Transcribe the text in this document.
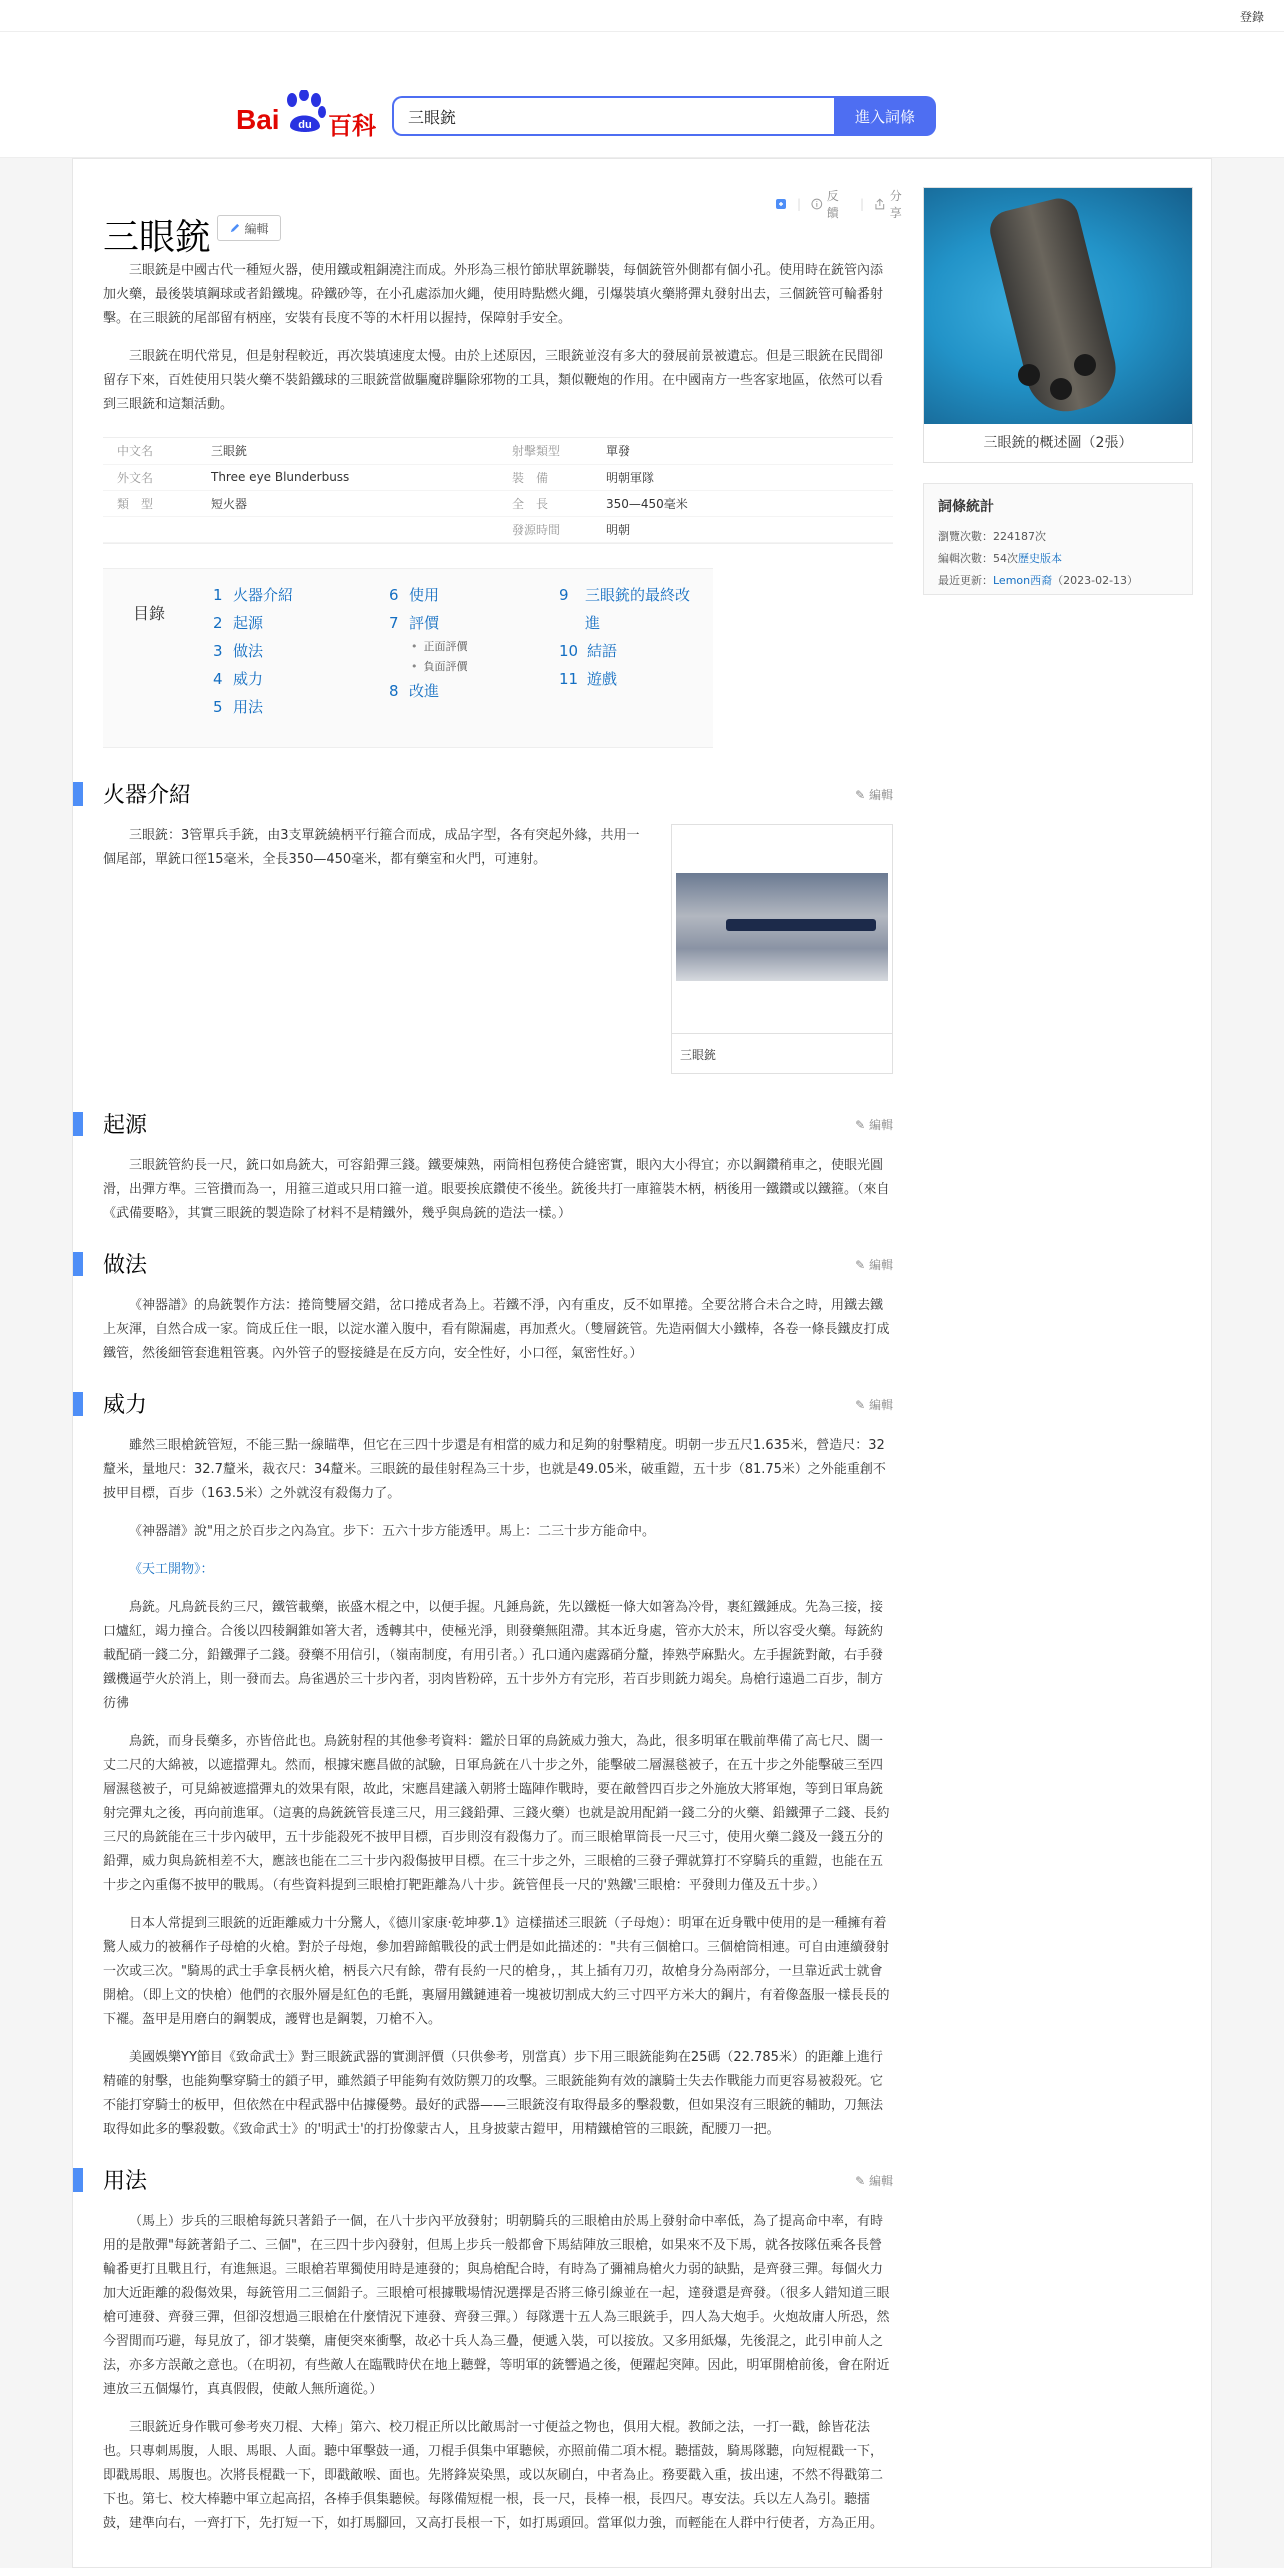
登錄
Bai du 百科
三眼銃	進入詞條
|
反饋
|
分享
三眼銃	編輯

三眼銃是中國古代一種短火器，使用鐵或粗銅澆注而成。外形為三根竹節狀單銃聯裝，每個銃管外側都有個小孔。使用時在銃管內添加火藥，最後裝填鋼球或者鉛鐵塊。砕鐵砂等，在小孔處添加火繩，使用時點燃火繩，引爆裝填火藥將彈丸發射出去，三個銃管可輪番射擊。在三眼銃的尾部留有柄座，安裝有長度不等的木杆用以握持，保障射手安全。

三眼銃在明代常見，但是射程較近，再次裝填速度太慢。由於上述原因，三眼銃並沒有多大的發展前景被遺忘。但是三眼銃在民間卻留存下來，百姓使用只裝火藥不裝鉛鐵球的三眼銃當做驅魔辟驅除邪物的工具，類似鞭炮的作用。在中國南方一些客家地區，依然可以看到三眼銃和這類活動。

中文名	三眼銃	射擊類型	單發
外文名	Three eye Blunderbuss	裝　備	明朝軍隊
類　型	短火器	全　長	350—450毫米
		發源時間	明朝
目錄
1 火器介紹
2 起源
3 做法
4 威力
5 用法
6 使用
7 評價
• 正面評價
• 負面評價
8 改進
9 三眼銃的最終改
進
10 結語
11 遊戲
火器介紹	✎ 編輯
三眼銃

三眼銃：3管單兵手銃，由3支單銃繞柄平行箍合而成，成品字型，各有突起外緣，共用一個尾部，單銃口徑15毫米，全長350—450毫米，都有藥室和火門，可連射。

起源	✎ 編輯

三眼銃管約長一尺，銃口如鳥銃大，可容鉛彈三錢。鐵要煉熟，兩筒相包務使合縫密實，眼內大小得宜；亦以鋼鑽稍車之，使眼光圓滑，出彈方準。三管攢而為一，用箍三道或只用口箍一道。眼要挨底鑽使不後坐。銃後共打一庫箍裝木柄，柄後用一鐵鑽或以鐵箍。（來自《武備要略》，其實三眼銃的製造除了材料不是精鐵外，幾乎與鳥銃的造法一樣。）

做法	✎ 編輯

《神器譜》的鳥銃製作方法：捲筒雙層交錯，岔口捲成者為上。若鐵不淨，內有重皮，反不如單捲。全要岔將合未合之時，用鐵去鐵上灰渾，自然合成一家。筒成丘住一眼，以淀水灌入腹中，看有隙漏處，再加煮火。（雙層銃管。先造兩個大小鐵棒，各卷一條長鐵皮打成鐵管，然後細管套進粗管裏。內外管子的豎接縫是在反方向，安全性好，小口徑，氣密性好。）

威力	✎ 編輯

雖然三眼槍銃管短，不能三點一線瞄準，但它在三四十步還是有相當的威力和足夠的射擊精度。明朝一步五尺1.635米，營造尺：32釐米，量地尺：32.7釐米，裁衣尺：34釐米。三眼銃的最佳射程為三十步，也就是49.05米，破重鎧，五十步（81.75米）之外能重創不披甲目標，百步（163.5米）之外就沒有殺傷力了。

《神器譜》說"用之於百步之內為宜。步下：五六十步方能透甲。馬上：二三十步方能命中。

《天工開物》：

鳥銃。凡鳥銃長約三尺，鐵管載藥，嵌盛木棍之中，以便手握。凡錘鳥銃，先以鐵梃一條大如箸為冷骨，裹紅鐵錘成。先為三接，接口爐紅，竭力撞合。合後以四稜鋼錐如箸大者，透轉其中，使極光淨，則發藥無阻滯。其本近身處，管亦大於末，所以容受火藥。每銃約載配硝一錢二分，鉛鐵彈子二錢。發藥不用信引，（嶺南制度，有用引者。）孔口通內處露硝分釐，捧熟苧麻點火。左手握銃對敵，右手發鐵機逼苧火於消上，則一發而去。鳥雀遇於三十步內者，羽肉皆粉碎，五十步外方有完形，若百步則銃力竭矣。鳥槍行遠過二百步，制方彷彿

鳥銃，而身長藥多，亦皆倍此也。鳥銃射程的其他參考資料：鑑於日軍的鳥銃威力強大，為此，很多明軍在戰前準備了高七尺、闊一丈二尺的大綿被，以遮擋彈丸。然而，根據宋應昌做的試驗，日軍鳥銃在八十步之外，能擊破二層濕毯被子，在五十步之外能擊破三至四層濕毯被子，可見綿被遮擋彈丸的效果有限，故此，宋應昌建議入朝將士臨陣作戰時，要在敵營四百步之外施放大將軍炮，等到日軍鳥銃射完彈丸之後，再向前進軍。（這裏的鳥銃銃管長達三尺，用三錢鉛彈、三錢火藥）也就是說用配銷一錢二分的火藥、鉛鐵彈子二錢、長約三尺的鳥銃能在三十步內破甲，五十步能殺死不披甲目標，百步則沒有殺傷力了。而三眼槍單筒長一尺三寸，使用火藥二錢及一錢五分的鉛彈，威力與鳥銃相差不大，應該也能在二三十步內殺傷披甲目標。在三十步之外，三眼槍的三發子彈就算打不穿騎兵的重鎧，也能在五十步之內重傷不披甲的戰馬。（有些資料提到三眼槍打靶距離為八十步。銃管俚長一尺的'熟鐵'三眼槍：平發則力僅及五十步。）

日本人常提到三眼銃的近距離威力十分驚人，《德川家康·乾坤夢.1》這樣描述三眼銃（子母炮）：明軍在近身戰中使用的是一種擁有着驚人威力的被稱作子母槍的火槍。對於子母炮，參加碧蹄館戰役的武士們是如此描述的："共有三個槍口。三個槍筒相連。可自由連續發射一次或三次。"騎馬的武士手拿長柄火槍，柄長六尺有餘，帶有長約一尺的槍身，，其上插有刀刃，故槍身分為兩部分，一旦靠近武士就會開槍。（即上文的快槍）他們的衣服外層是紅色的毛氈，裏層用鐵鏈連着一塊被切割成大約三寸四平方米大的鋼片，有着像盔服一樣長長的下襬。盔甲是用磨白的鋼製成，護臂也是鋼製，刀槍不入。

美國娛樂YY節目《致命武士》對三眼銃武器的實測評價（只供參考，別當真）步下用三眼銃能夠在25碼（22.785米）的距離上進行精確的射擊，也能夠擊穿騎士的鎖子甲，雖然鎖子甲能夠有效防禦刀的攻擊。三眼銃能夠有效的讓騎士失去作戰能力而更容易被殺死。它不能打穿騎士的板甲，但依然在中程武器中佔據優勢。最好的武器——三眼銃沒有取得最多的擊殺數，但如果沒有三眼銃的輔助，刀無法取得如此多的擊殺數。《致命武士》的'明武士'的打扮像蒙古人，且身披蒙古鎧甲，用精鐵槍管的三眼銃，配腰刀一把。

用法	✎ 編輯

（馬上）步兵的三眼槍每銃只著鉛子一個，在八十步內平放發射；明朝騎兵的三眼槍由於馬上發射命中率低，為了提高命中率，有時用的是散彈"每銃著鉛子二、三個"，在三四十步內發射，但馬上步兵一般都會下馬結陣放三眼槍，如果來不及下馬，就各按隊伍乘各長營輪番更打且戰且行，有進無退。三眼槍若單獨使用時是連發的；與鳥槍配合時，有時為了彌補鳥槍火力弱的缺點，是齊發三彈。每個火力加大近距離的殺傷效果，每銃管用二三個鉛子。三眼槍可根據戰場情況選擇是否將三條引線並在一起，達發還是齊發。（很多人錯知道三眼槍可連發、齊發三彈，但卻沒想過三眼槍在什麼情況下連發、齊發三彈。）每隊選十五人為三眼銃手，四人為大炮手。火炮故庸人所恐，然今習閒而巧避，每見放了，卻才裝藥，庸便突來衝擊，故必十兵人為三疊，便遞入裝，可以接放。又多用紙爆，先後混之，此引申前人之法，亦多方誤敵之意也。（在明初，有些敵人在臨戰時伏在地上聽聲，等明軍的銃響過之後，便躍起突陣。因此，明軍開槍前後，會在附近連放三五個爆竹，真真假假，使敵人無所適從。）

三眼銃近身作戰可參考夾刀棍、大棒」第六、校刀棍正所以比敵馬討一寸便益之物也，俱用大棍。教師之法，一打一戳，餘皆花法也。只專刺馬腹，人眼、馬眼、人面。聽中軍擊鼓一通，刀棍手俱集中軍聽候，亦照前備二項木棍。聽擂鼓，騎馬隊聽，向短棍戳一下，即戳馬眼、馬腹也。次將長棍戳一下，即戳敵喉、面也。先將鋒炭染黑，或以灰刷白，中者為止。務要戳入重，拔出速，不然不得戳第二下也。第七、校大棒聽中軍立起高招，各棒手俱集聽候。每隊備短棍一根，長一尺，長棒一根，長四尺。專安法。兵以左人為引。聽擂鼓，建準向右，一齊打下，先打短一下，如打馬腳回，又高打長根一下，如打馬頭回。當軍似力強，而輕能在人群中行使者，方為正用。

三眼銃的概述圖（2張）
詞條統計
瀏覽次數：224187次
編輯次數：54次歷史版本
最近更新：Lemon西裔（2023-02-13）
